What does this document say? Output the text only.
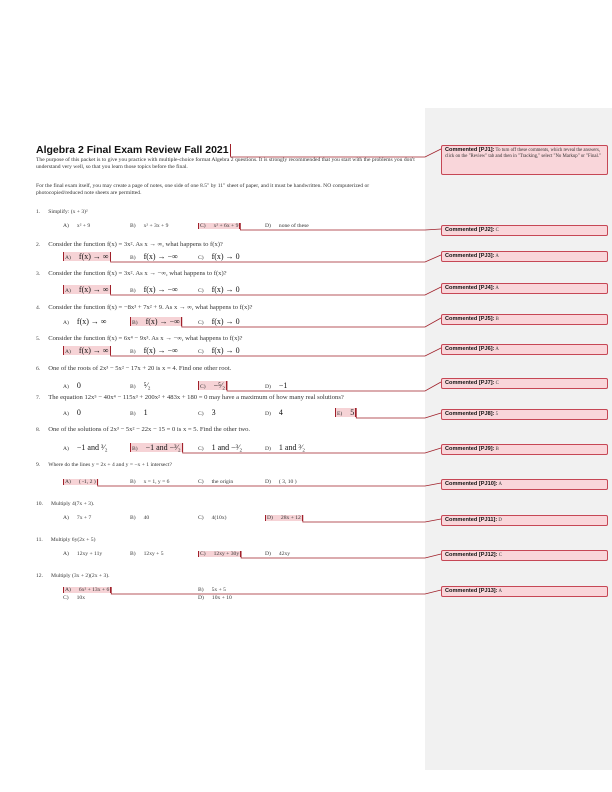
Algebra 2 Final Exam Review Fall 2021
The purpose of this packet is to give you practice with multiple-choice format Algebra 2 questions. It is strongly recommended that you start with the problems you don't understand very well, so that you learn those topics before the final.
For the final exam itself, you may create a page of notes, one side of one 8.5" by 11" sheet of paper, and it must be handwritten. NO computerized or photocopied/reduced note sheets are permitted.
1. Simplify: (x + 3)²
A) x² + 9	B) x² + 3x + 9	C) x² + 6x + 9	D) none of these
2. Consider the function f(x) = 3x². As x → ∞, what happens to f(x)?
A) f(x) → ∞	B) f(x) → −∞	C) f(x) → 0
3. Consider the function f(x) = 3x². As x → −∞, what happens to f(x)?
A) f(x) → ∞	B) f(x) → −∞	C) f(x) → 0
4. Consider the function f(x) = −8x³ + 7x² + 9. As x → ∞, what happens to f(x)?
A) f(x) → ∞	B) f(x) → −∞	C) f(x) → 0
5. Consider the function f(x) = 6x⁴ − 9x³. As x → −∞, what happens to f(x)?
A) f(x) → ∞	B) f(x) → −∞	C) f(x) → 0
6. One of the roots of 2x³ − 5x² − 17x + 20 is x = 4. Find one other root.
A) 0	B) ⁵⁄₂	C) −⁵⁄₂	D) −1
7. The equation 12x⁵ − 40x⁴ − 115x³ + 200x² + 483x + 180 = 0 may have a maximum of how many real solutions?
A) 0	B) 1	C) 3	D) 4	E) 5
8. One of the solutions of 2x³ − 5x² − 22x − 15 = 0 is x = 5. Find the other two.
A) −1 and ³⁄₂	B) −1 and −³⁄₂	C) 1 and −³⁄₂	D) 1 and ³⁄₂
9. Where do the lines y = 2x + 4 and y = −x + 1 intersect?
A) ( -1, 2 )	B) x = 1, y = 6	C) the origin	D) ( 3, 10 )
10. Multiply 4(7x + 3).
A) 7x + 7	B) 40	C) 4(10x)	D) 28x + 12
11. Multiply 6y(2x + 5)
A) 12xy + 11y	B) 12xy + 5	C) 12xy + 30y	D) 42xy
12. Multiply (3x + 2)(2x + 3).
A) 6x² + 13x + 6	B) 5x + 5
C) 10x	D) 10x + 10
Commented [PJ1]: To turn off these comments, which reveal the answers, click on the "Review" tab and then in "Tracking," select "No Markup" or "Final."
Commented [PJ2]: C
Commented [PJ3]: A
Commented [PJ4]: A
Commented [PJ5]: B
Commented [PJ6]: A
Commented [PJ7]: C
Commented [PJ8]: 5
Commented [PJ9]: B
Commented [PJ10]: A
Commented [PJ11]: D
Commented [PJ12]: C
Commented [PJ13]: A
